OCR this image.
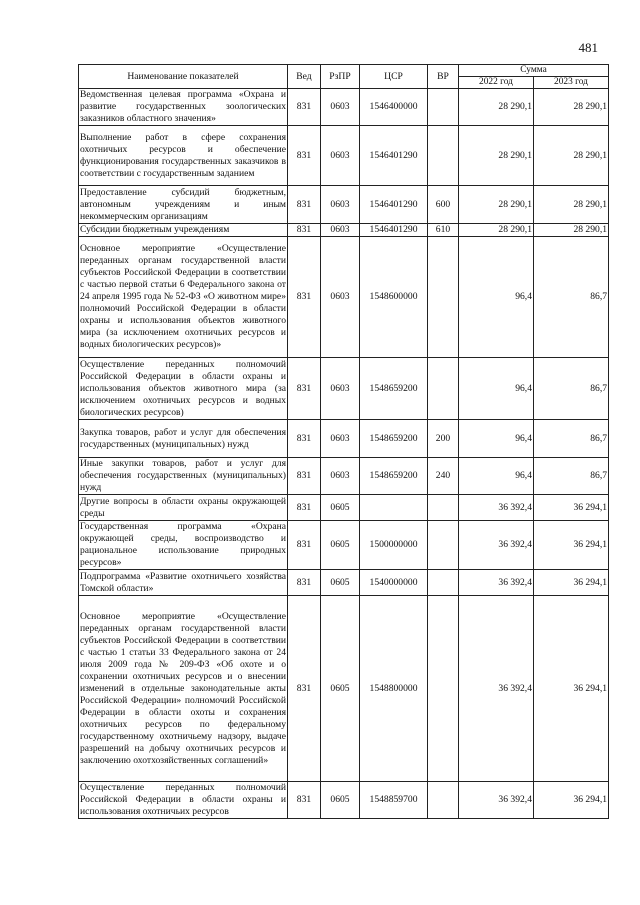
481
Наименование показателей	Вед	РзПР	ЦСР	ВР	Сумма	
					2022 год	2023 год
Ведомственная целевая программа «Охрана и развитие государственных зоологических заказников областного значения»	831	0603	1546400000		28 290,1	28 290,1
Выполнение работ в сфере сохранения охотничьих ресурсов и обеспечение функционирования государственных заказчиков в соответствии с государственным заданием	831	0603	1546401290		28 290,1	28 290,1
Предоставление субсидий бюджетным, автономным учреждениям и иным некоммерческим организациям	831	0603	1546401290	600	28 290,1	28 290,1
Субсидии бюджетным учреждениям	831	0603	1546401290	610	28 290,1	28 290,1
Основное мероприятие «Осуществление переданных органам государственной власти субъектов Российской Федерации в соответствии с частью первой статьи 6 Федерального закона от 24 апреля 1995 года № 52-ФЗ «О животном мире» полномочий Российской Федерации в области охраны и использования объектов животного мира (за исключением охотничьих ресурсов и водных биологических ресурсов)»	831	0603	1548600000		96,4	86,7
Осуществление переданных полномочий Российской Федерации в области охраны и использования объектов животного мира (за исключением охотничьих ресурсов и водных биологических ресурсов)	831	0603	1548659200		96,4	86,7
Закупка товаров, работ и услуг для обеспечения государственных (муниципальных) нужд	831	0603	1548659200	200	96,4	86,7
Иные закупки товаров, работ и услуг для обеспечения государственных (муниципальных) нужд	831	0603	1548659200	240	96,4	86,7
Другие вопросы в области охраны окружающей среды	831	0605			36 392,4	36 294,1
Государственная программа «Охрана окружающей среды, воспроизводство и рациональное использование природных ресурсов»	831	0605	1500000000		36 392,4	36 294,1
Подпрограмма «Развитие охотничьего хозяйства Томской области»	831	0605	1540000000		36 392,4	36 294,1
Основное мероприятие «Осуществление переданных органам государственной власти субъектов Российской Федерации в соответствии с частью 1 статьи 33 Федерального закона от 24 июля 2009 года № 209-ФЗ «Об охоте и о сохранении охотничьих ресурсов и о внесении изменений в отдельные законодательные акты Российской Федерации» полномочий Российской Федерации в области охоты и сохранения охотничьих ресурсов по федеральному государственному охотничьему надзору, выдаче разрешений на добычу охотничьих ресурсов и заключению охотхозяйственных соглашений»	831	0605	1548800000		36 392,4	36 294,1
Осуществление переданных полномочий Российской Федерации в области охраны и использования охотничьих ресурсов	831	0605	1548859700		36 392,4	36 294,1
